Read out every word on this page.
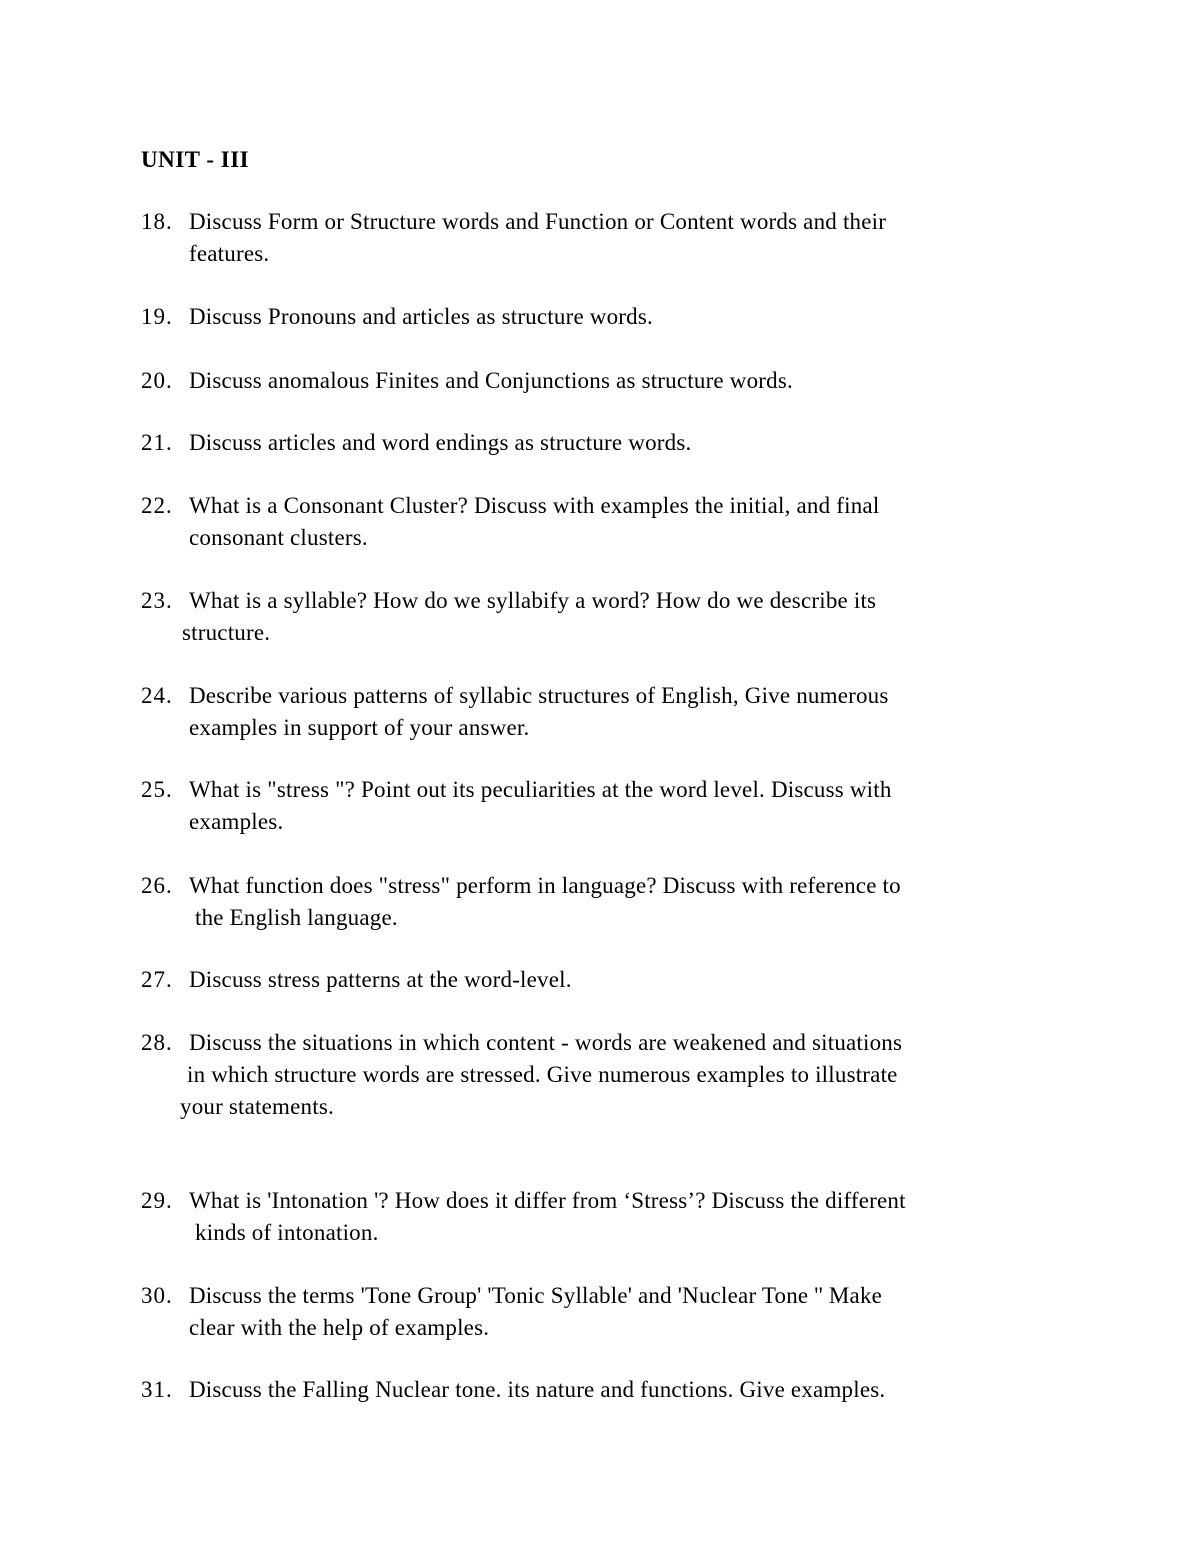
UNIT - III
18. Discuss Form or Structure words and Function or Content words and their
features.
19. Discuss Pronouns and articles as structure words.
20. Discuss anomalous Finites and Conjunctions as structure words.
21. Discuss articles and word endings as structure words.
22. What is a Consonant Cluster? Discuss with examples the initial, and final
consonant clusters.
23. What is a syllable? How do we syllabify a word? How do we describe its
structure.
24. Describe various patterns of syllabic structures of English, Give numerous
examples in support of your answer.
25. What is "stress "? Point out its peculiarities at the word level. Discuss with
examples.
26. What function does "stress" perform in language? Discuss with reference to
the English language.
27. Discuss stress patterns at the word-level.
28. Discuss the situations in which content - words are weakened and situations
in which structure words are stressed. Give numerous examples to illustrate
your statements.
29. What is 'Intonation '? How does it differ from ‘Stress’? Discuss the different
kinds of intonation.
30. Discuss the terms 'Tone Group' 'Tonic Syllable' and 'Nuclear Tone '' Make
clear with the help of examples.
31. Discuss the Falling Nuclear tone. its nature and functions. Give examples.
